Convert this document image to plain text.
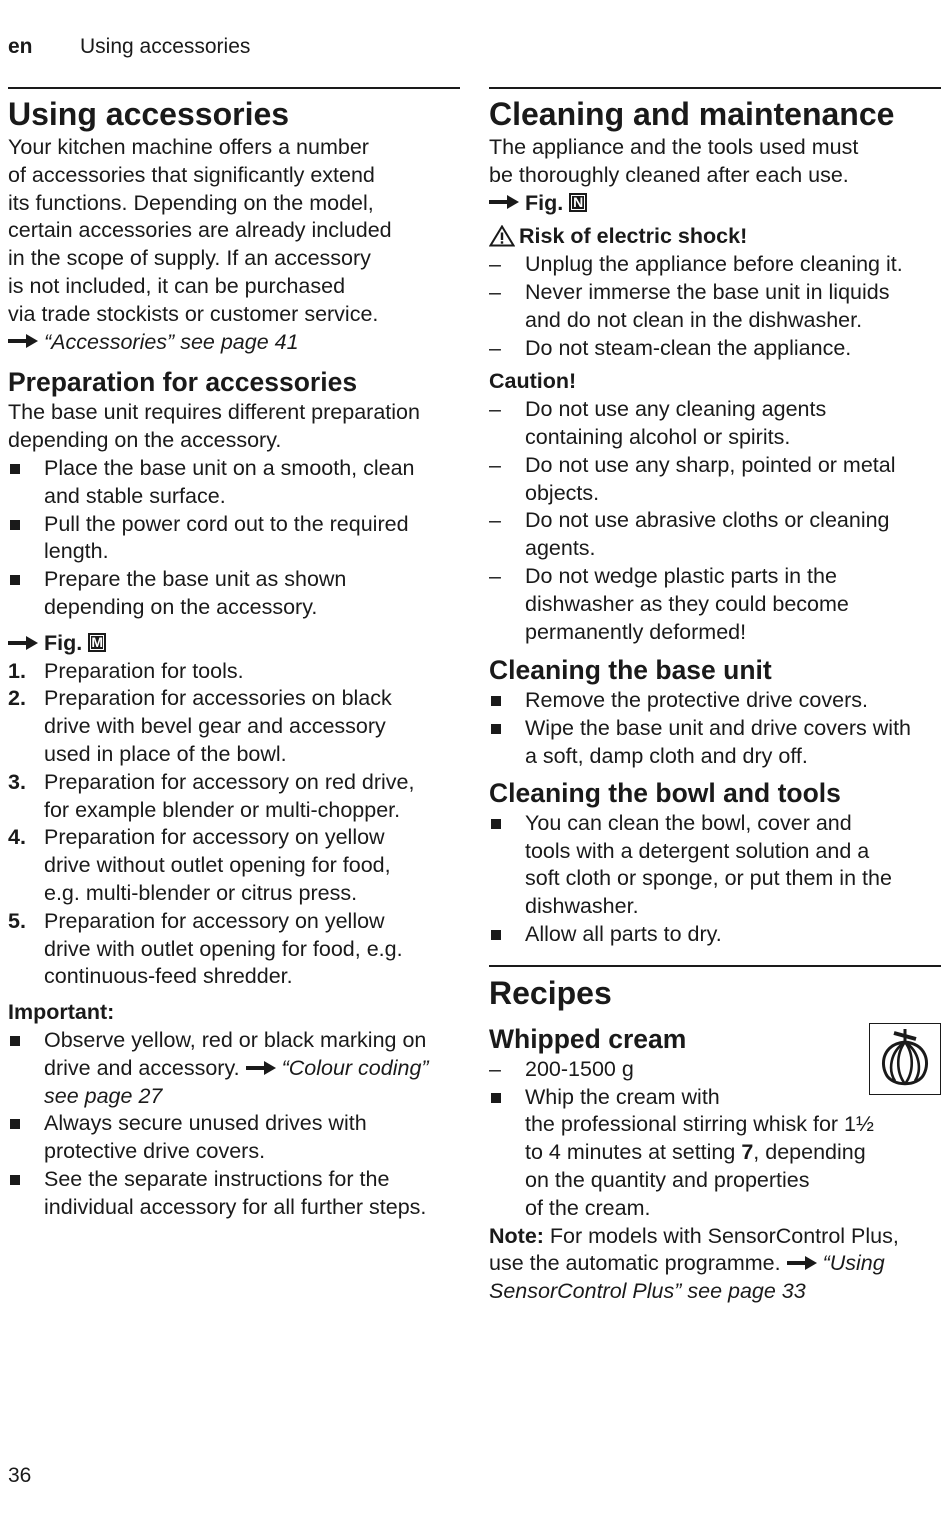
en Using accessories
Using accessories

Your kitchen machine offers a number

of accessories that significantly extend

its functions. Depending on the model,

certain accessories are already included

in the scope of supply. If an accessory

is not included, it can be purchased

via trade stockists or customer service.

“Accessories” see page 41

Preparation for accessories

The base unit requires different preparation

depending on the accessory.

Place the base unit on a smooth, clean
and stable surface.
Pull the power cord out to the required
length.
Prepare the base unit as shown
depending on the accessory.

Fig. M

1. Preparation for tools.
2. Preparation for accessories on black
drive with bevel gear and accessory
used in place of the bowl.
3. Preparation for accessory on red drive,
for example blender or multi-chopper.
4. Preparation for accessory on yellow
drive without outlet opening for food,
e.g. multi-blender or citrus press.
5. Preparation for accessory on yellow
drive with outlet opening for food, e.g.
continuous-feed shredder.

Important:

Observe yellow, red or black marking on
drive and accessory. “Colour coding”
see page 27
Always secure unused drives with
protective drive covers.
See the separate instructions for the
individual accessory for all further steps.
Cleaning and maintenance

The appliance and the tools used must

be thoroughly cleaned after each use.

Fig. N

Risk of electric shock!

– Unplug the appliance before cleaning it.
– Never immerse the base unit in liquids
and do not clean in the dishwasher.
– Do not steam-clean the appliance.

Caution!

– Do not use any cleaning agents
containing alcohol or spirits.
– Do not use any sharp, pointed or metal
objects.
– Do not use abrasive cloths or cleaning
agents.
– Do not wedge plastic parts in the
dishwasher as they could become
permanently deformed!
Cleaning the base unit
Remove the protective drive covers.
Wipe the base unit and drive covers with
a soft, damp cloth and dry off.
Cleaning the bowl and tools
You can clean the bowl, cover and
tools with a detergent solution and a
soft cloth or sponge, or put them in the
dishwasher.
Allow all parts to dry.
Recipes
Whipped cream
– 200-1500 g
Whip the cream with
the professional stirring whisk for 1½
to 4 minutes at setting 7, depending
on the quantity and properties
of the cream.

Note: For models with SensorControl Plus,
use the automatic programme. “Using
SensorControl Plus” see page 33

36
